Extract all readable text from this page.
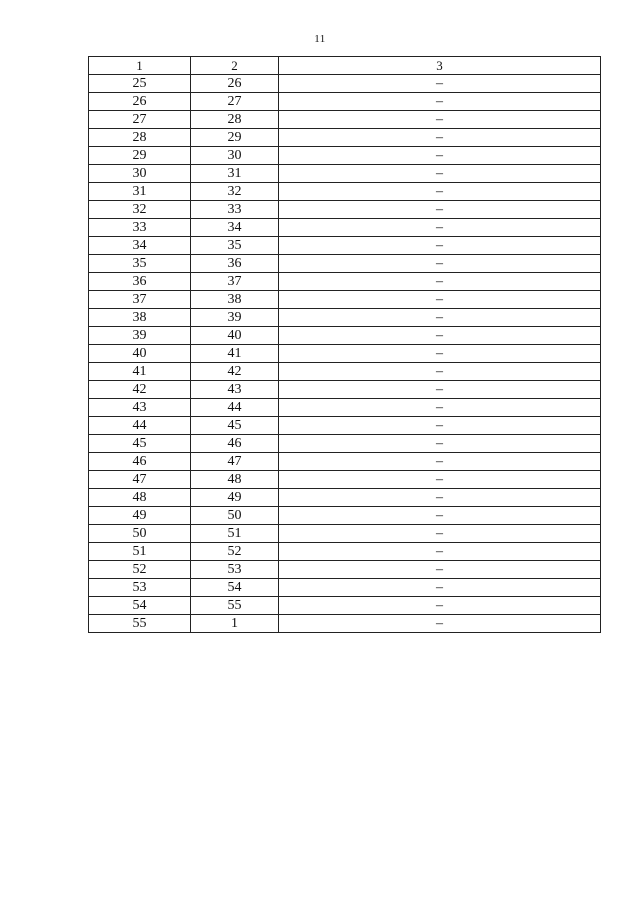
11
1	2	3
25	26	–
26	27	–
27	28	–
28	29	–
29	30	–
30	31	–
31	32	–
32	33	–
33	34	–
34	35	–
35	36	–
36	37	–
37	38	–
38	39	–
39	40	–
40	41	–
41	42	–
42	43	–
43	44	–
44	45	–
45	46	–
46	47	–
47	48	–
48	49	–
49	50	–
50	51	–
51	52	–
52	53	–
53	54	–
54	55	–
55	1	–
